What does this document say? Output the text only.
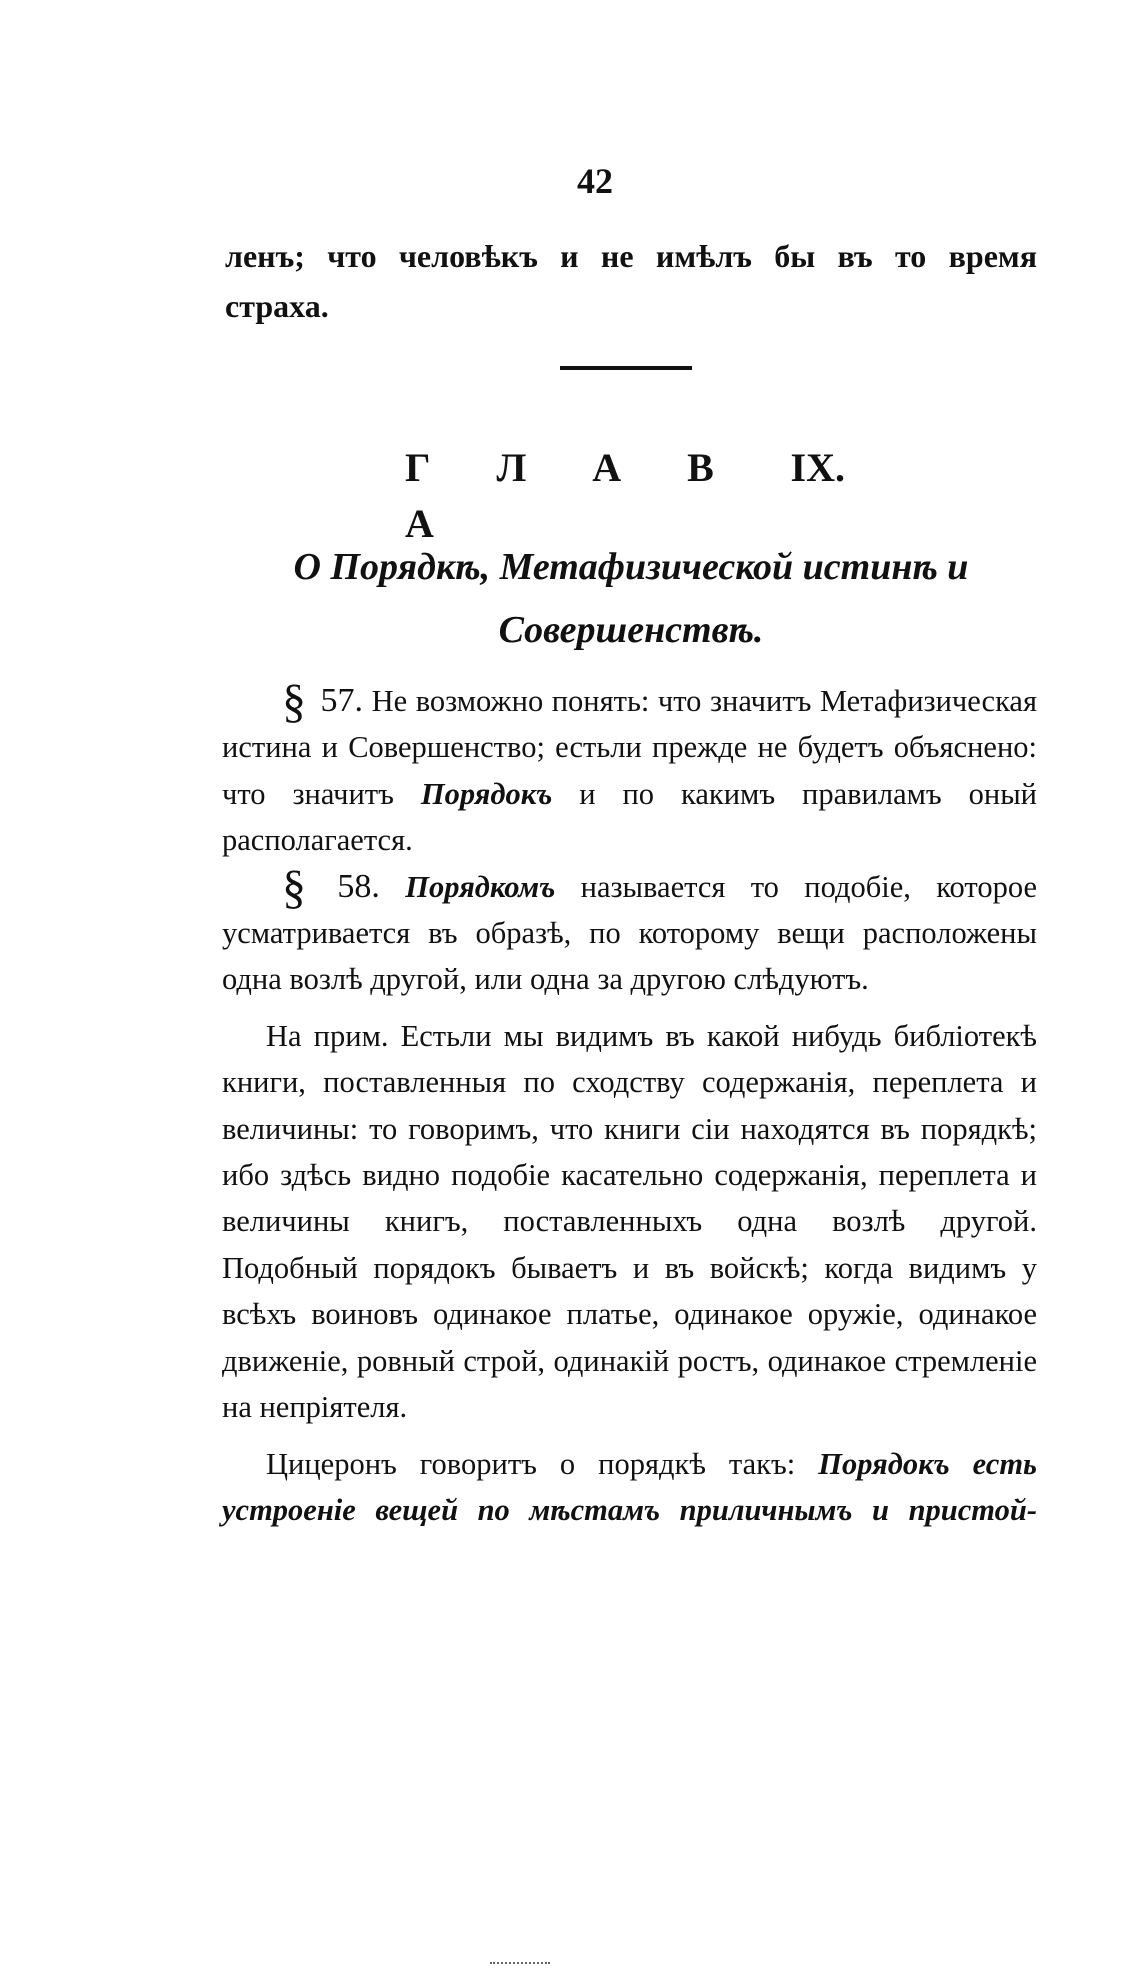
42
ленъ; что человѣкъ и не имѣлъ бы въ то время
страха.
Г Л А В А
IX.
О Порядкѣ, Метафизической истинѣ и
Совершенствѣ.

§ 57. Не возможно понять: что значитъ Метафизическая истина и Совершенство; естьли прежде не будетъ объяснено: что значитъ Порядокъ и по какимъ правиламъ оный располагается.

§ 58. Порядкомъ называется то подобіе, которое усматривается въ образѣ, по которому вещи расположены одна возлѣ другой, или одна за другою слѣдуютъ.

На прим. Естьли мы видимъ въ какой нибудь библіотекѣ книги, поставленныя по сходству содержанія, переплета и величины: то говоримъ, что книги сіи находятся въ порядкѣ; ибо здѣсь видно подобіе касательно содержанія, переплета и величины книгъ, поставленныхъ одна возлѣ другой. Подобный порядокъ бываетъ и въ войскѣ; когда видимъ у всѣхъ воиновъ одинакое платье, одинакое оружіе, одинакое движеніе, ровный строй, одинакій ростъ, одинакое стремленіе на непріятеля.

Цицеронъ говоритъ о порядкѣ такъ: Порядокъ есть устроеніе вещей по мѣстамъ приличнымъ и пристой-
